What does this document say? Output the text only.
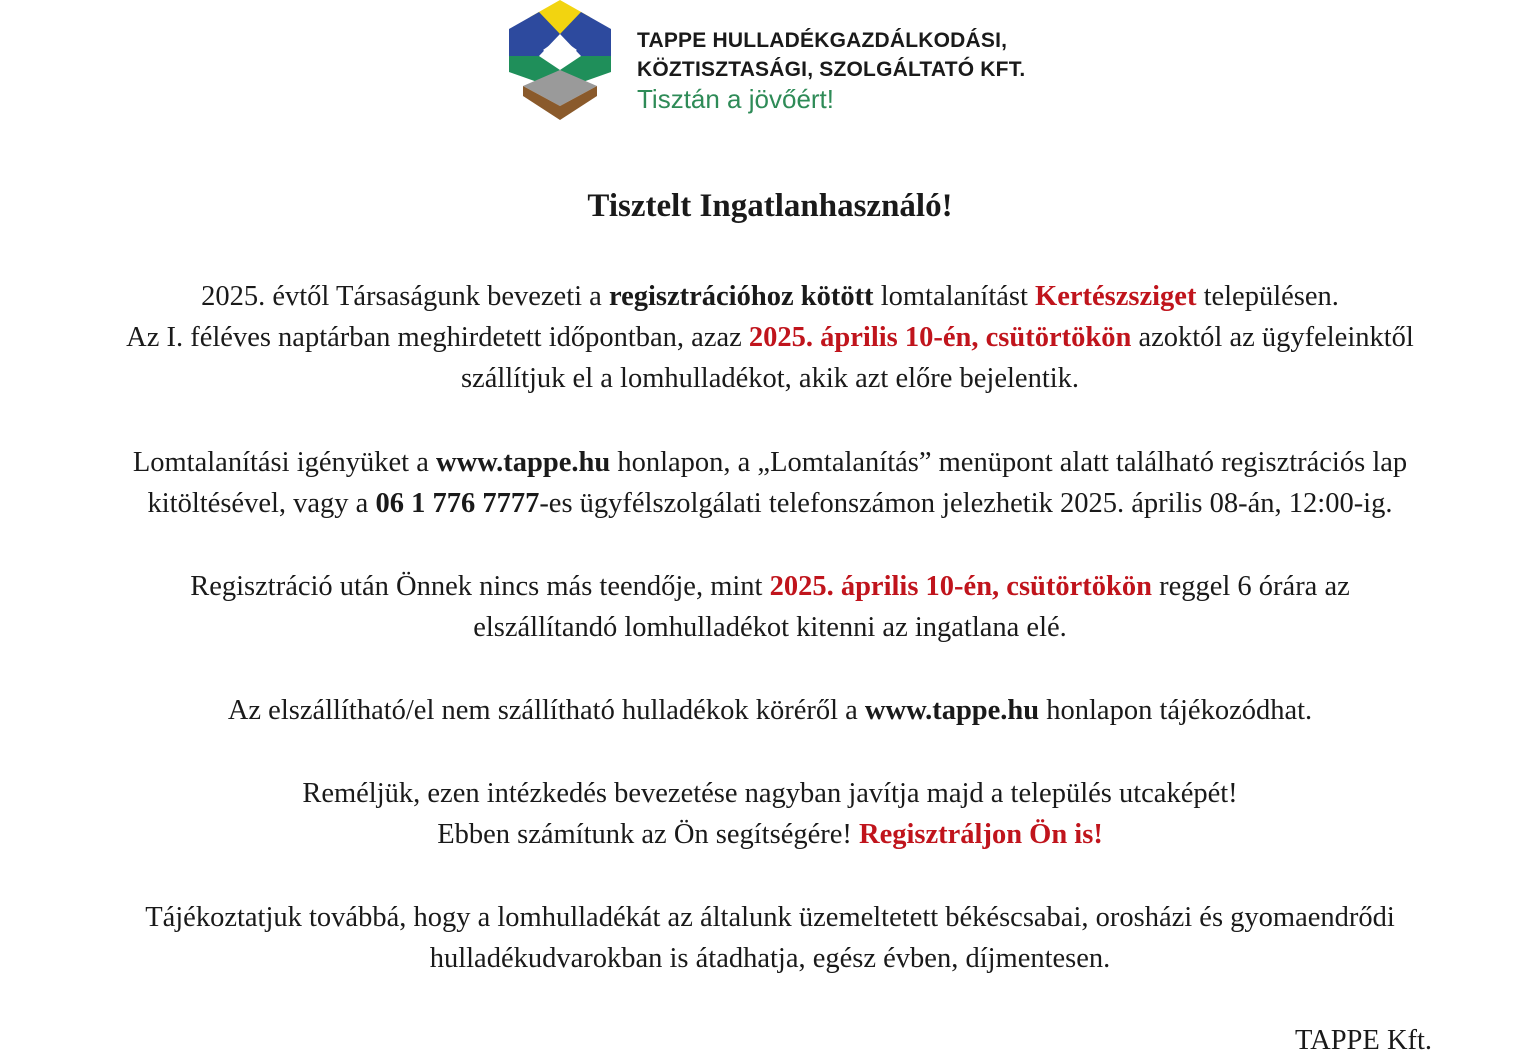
TAPPE HULLADÉKGAZDÁLKODÁSI,
KÖZTISZTASÁGI, SZOLGÁLTATÓ KFT.
Tisztán a jövőért!
Tisztelt Ingatlanhasználó!
2025. évtől Társaságunk bevezeti a regisztrációhoz kötött lomtalanítást Kertészsziget településen.
Az I. féléves naptárban meghirdetett időpontban, azaz 2025. április 10-én, csütörtökön azoktól az ügyfeleinktől
szállítjuk el a lomhulladékot, akik azt előre bejelentik.
Lomtalanítási igényüket a www.tappe.hu honlapon, a „Lomtalanítás” menüpont alatt található regisztrációs lap
kitöltésével, vagy a 06 1 776 7777-es ügyfélszolgálati telefonszámon jelezhetik 2025. április 08-án, 12:00-ig.
Regisztráció után Önnek nincs más teendője, mint 2025. április 10-én, csütörtökön reggel 6 órára az
elszállítandó lomhulladékot kitenni az ingatlana elé.
Az elszállítható/el nem szállítható hulladékok köréről a www.tappe.hu honlapon tájékozódhat.
Reméljük, ezen intézkedés bevezetése nagyban javítja majd a település utcaképét!
Ebben számítunk az Ön segítségére! Regisztráljon Ön is!
Tájékoztatjuk továbbá, hogy a lomhulladékát az általunk üzemeltetett békéscsabai, orosházi és gyomaendrődi
hulladékudvarokban is átadhatja, egész évben, díjmentesen.
TAPPE Kft.
